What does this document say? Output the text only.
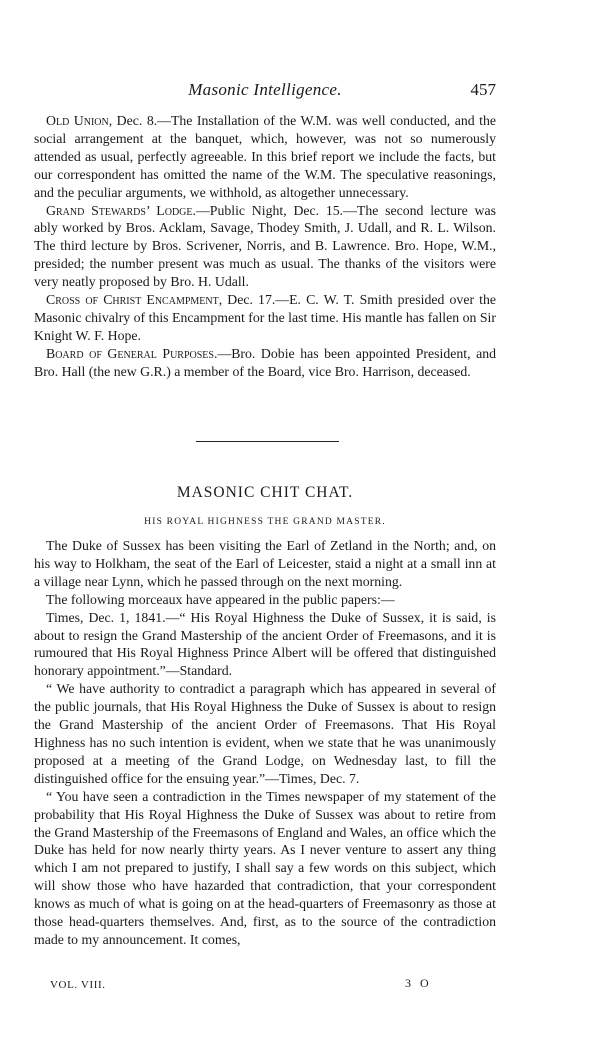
Masonic Intelligence.	457

Old Union, Dec. 8.—The Installation of the W.M. was well conducted, and the social arrangement at the banquet, which, however, was not so numerously attended as usual, perfectly agreeable. In this brief report we include the facts, but our correspondent has omitted the name of the W.M. The speculative reasonings, and the peculiar arguments, we withhold, as altogether unnecessary.

Grand Stewards’ Lodge.—Public Night, Dec. 15.—The second lecture was ably worked by Bros. Acklam, Savage, Thodey Smith, J. Udall, and R. L. Wilson. The third lecture by Bros. Scrivener, Norris, and B. Lawrence. Bro. Hope, W.M., presided; the number present was much as usual. The thanks of the visitors were very neatly proposed by Bro. H. Udall.

Cross of Christ Encampment, Dec. 17.—E. C. W. T. Smith presided over the Masonic chivalry of this Encampment for the last time. His mantle has fallen on Sir Knight W. F. Hope.

Board of General Purposes.—Bro. Dobie has been appointed President, and Bro. Hall (the new G.R.) a member of the Board, vice Bro. Harrison, deceased.

MASONIC CHIT CHAT.
HIS ROYAL HIGHNESS THE GRAND MASTER.

The Duke of Sussex has been visiting the Earl of Zetland in the North; and, on his way to Holkham, the seat of the Earl of Leicester, staid a night at a small inn at a village near Lynn, which he passed through on the next morning.

The following morceaux have appeared in the public papers:—

Times, Dec. 1, 1841.—“ His Royal Highness the Duke of Sussex, it is said, is about to resign the Grand Mastership of the ancient Order of Freemasons, and it is rumoured that His Royal Highness Prince Albert will be offered that distinguished honorary appointment.”—Standard.

“ We have authority to contradict a paragraph which has appeared in several of the public journals, that His Royal Highness the Duke of Sussex is about to resign the Grand Mastership of the ancient Order of Freemasons. That His Royal Highness has no such intention is evident, when we state that he was unanimously proposed at a meeting of the Grand Lodge, on Wednesday last, to fill the distinguished office for the ensuing year.”—Times, Dec. 7.

“ You have seen a contradiction in the Times newspaper of my statement of the probability that His Royal Highness the Duke of Sussex was about to retire from the Grand Mastership of the Freemasons of England and Wales, an office which the Duke has held for now nearly thirty years. As I never venture to assert any thing which I am not prepared to justify, I shall say a few words on this subject, which will show those who have hazarded that contradiction, that your correspondent knows as much of what is going on at the head-quarters of Freemasonry as those at those head-quarters themselves. And, first, as to the source of the contradiction made to my announcement. It comes,

VOL. VIII.	3 O
